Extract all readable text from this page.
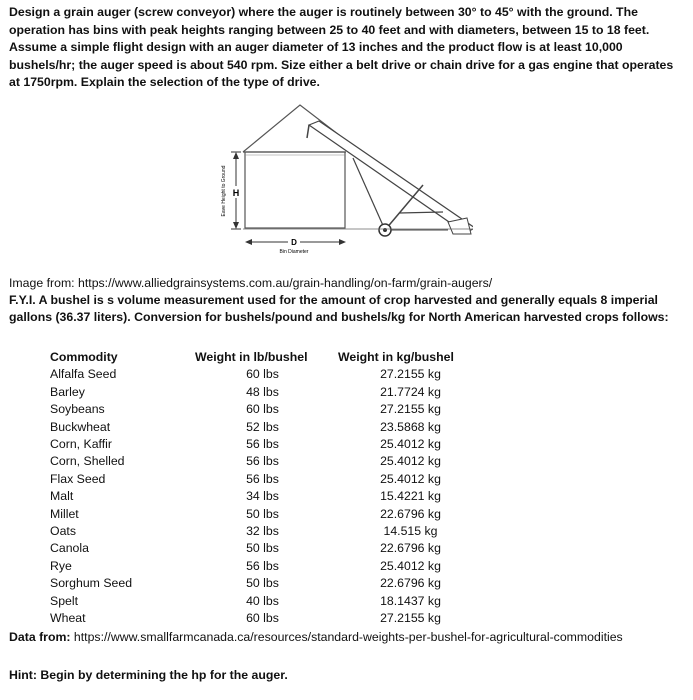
Design a grain auger (screw conveyor) where the auger is routinely between 30° to 45° with the ground. The operation has bins with peak heights ranging between 25 to 40 feet and with diameters, between 15 to 18 feet. Assume a simple flight design with an auger diameter of 13 inches and the product flow is at least 10,000 bushels/hr; the auger speed is about 540 rpm. Size either a belt drive or chain drive for a gas engine that operates at 1750rpm. Explain the selection of the type of drive.

H
Eave Height to Ground
D
Bin Diameter

Image from: https://www.alliedgrainsystems.com.au/grain-handling/on-farm/grain-augers/

F.Y.I. A bushel is s volume measurement used for the amount of crop harvested and generally equals 8 imperial gallons (36.37 liters). Conversion for bushels/pound and bushels/kg for North American harvested crops follows:

Commodity	Weight in lb/bushel	Weight in kg/bushel
Alfalfa Seed	60 lbs	27.2155 kg
Barley	48 lbs	21.7724 kg
Soybeans	60 lbs	27.2155 kg
Buckwheat	52 lbs	23.5868 kg
Corn, Kaffir	56 lbs	25.4012 kg
Corn, Shelled	56 lbs	25.4012 kg
Flax Seed	56 lbs	25.4012 kg
Malt	34 lbs	15.4221 kg
Millet	50 lbs	22.6796 kg
Oats	32 lbs	14.515 kg
Canola	50 lbs	22.6796 kg
Rye	56 lbs	25.4012 kg
Sorghum Seed	50 lbs	22.6796 kg
Spelt	40 lbs	18.1437 kg
Wheat	60 lbs	27.2155 kg

Data from: https://www.smallfarmcanada.ca/resources/standard-weights-per-bushel-for-agricultural-commodities

Hint: Begin by determining the hp for the auger.
